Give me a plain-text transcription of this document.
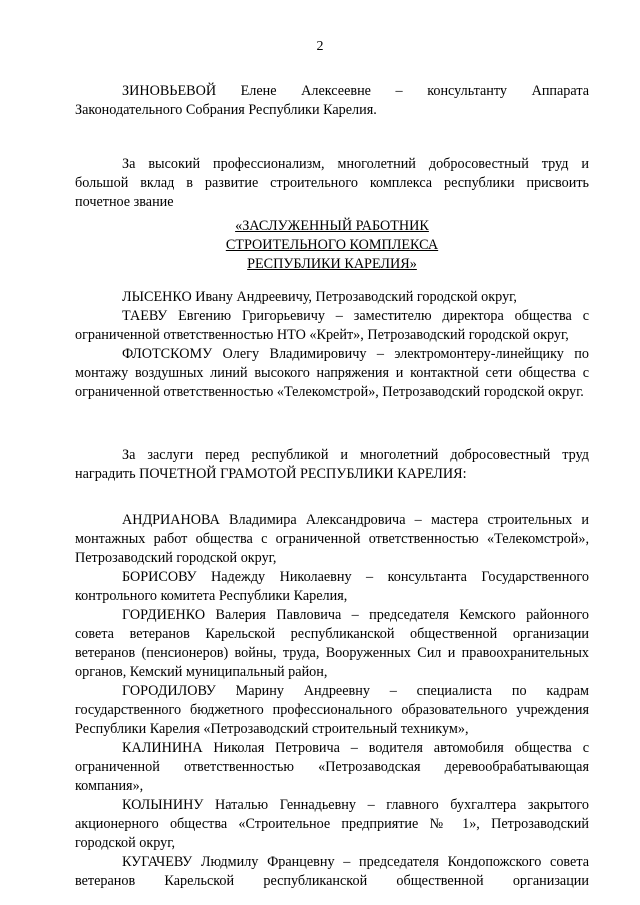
2

ЗИНОВЬЕВОЙ Елене Алексеевне – консультанту Аппарата Законодательного Собрания Республики Карелия.

За высокий профессионализм, многолетний добросовестный труд и большой вклад в развитие строительного комплекса республики присвоить почетное звание

«ЗАСЛУЖЕННЫЙ РАБОТНИК

СТРОИТЕЛЬНОГО КОМПЛЕКСА

РЕСПУБЛИКИ КАРЕЛИЯ»

ЛЫСЕНКО Ивану Андреевичу, Петрозаводский городской округ,

ТАЕВУ Евгению Григорьевичу – заместителю директора общества с ограниченной ответственностью НТО «Крейт», Петрозаводский городской округ,

ФЛОТСКОМУ Олегу Владимировичу – электромонтеру-линейщику по монтажу воздушных линий высокого напряжения и контактной сети общества с ограниченной ответственностью «Телекомстрой», Петрозаводский городской округ.

За заслуги перед республикой и многолетний добросовестный труд наградить ПОЧЕТНОЙ ГРАМОТОЙ РЕСПУБЛИКИ КАРЕЛИЯ:

АНДРИАНОВА Владимира Александровича – мастера строительных и монтажных работ общества с ограниченной ответственностью «Телекомстрой», Петрозаводский городской округ,

БОРИСОВУ Надежду Николаевну – консультанта Государственного контрольного комитета Республики Карелия,

ГОРДИЕНКО Валерия Павловича – председателя Кемского районного совета ветеранов Карельской республиканской общественной организации ветеранов (пенсионеров) войны, труда, Вооруженных Сил и правоохранительных органов, Кемский муниципальный район,

ГОРОДИЛОВУ Марину Андреевну – специалиста по кадрам государственного бюджетного профессионального образовательного учреждения Республики Карелия «Петрозаводский строительный техникум»,

КАЛИНИНА Николая Петровича – водителя автомобиля общества с ограниченной ответственностью «Петрозаводская деревообрабатывающая компания»,

КОЛЫНИНУ Наталью Геннадьевну – главного бухгалтера закрытого акционерного общества «Строительное предприятие № 1», Петрозаводский городской округ,

КУГАЧЕВУ Людмилу Францевну – председателя Кондопожского совета ветеранов Карельской республиканской общественной организации
